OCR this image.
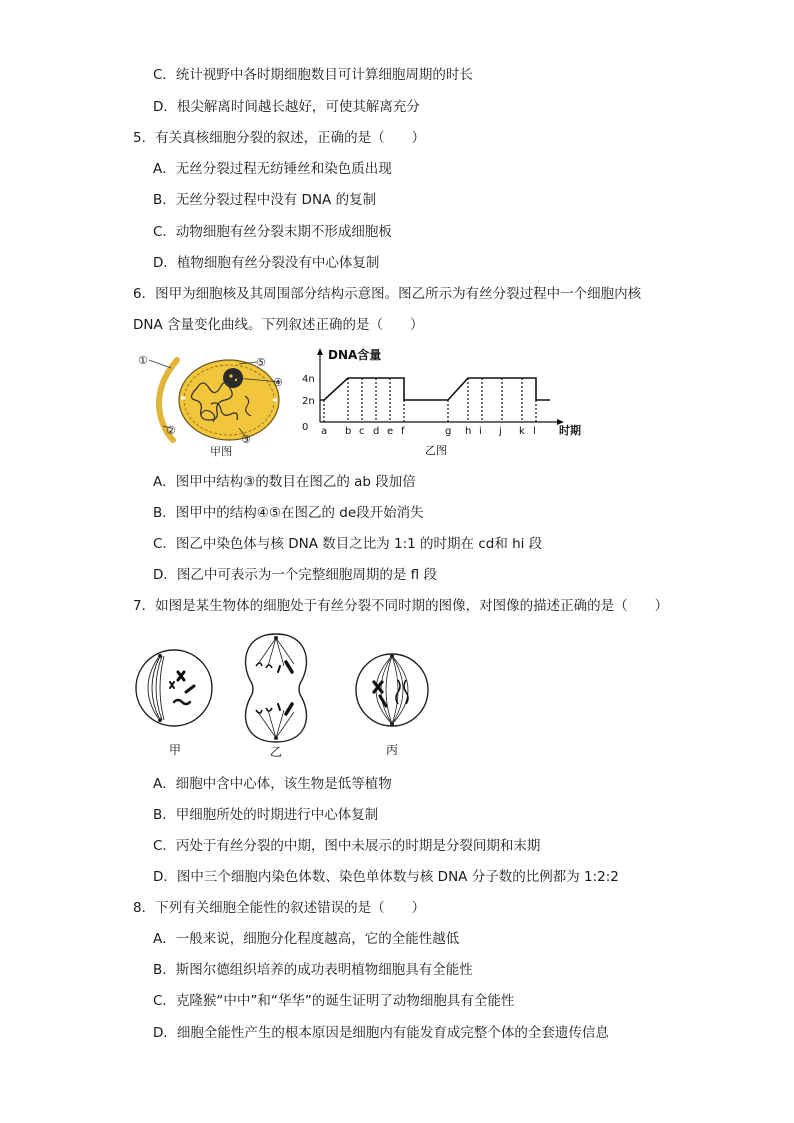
C．统计视野中各时期细胞数目可计算细胞周期的时长
D．根尖解离时间越长越好，可使其解离充分
5．有关真核细胞分裂的叙述，正确的是（　　）
A．无丝分裂过程无纺锤丝和染色质出现
B．无丝分裂过程中没有 DNA 的复制
C．动物细胞有丝分裂末期不形成细胞板
D．植物细胞有丝分裂没有中心体复制
6．图甲为细胞核及其周围部分结构示意图。图乙所示为有丝分裂过程中一个细胞内核
DNA 含量变化曲线。下列叙述正确的是（　　）
①
②
③
④
⑤
甲图
DNA含量
时期
乙图
0
2n
4n
a b c d e f	g h i j k l
A．图甲中结构③的数目在图乙的 ab 段加倍
B．图甲中的结构④⑤在图乙的 de段开始消失
C．图乙中染色体与核 DNA 数目之比为 1:1 的时期在 cd和 hi 段
D．图乙中可表示为一个完整细胞周期的是 fl 段
7．如图是某生物体的细胞处于有丝分裂不同时期的图像，对图像的描述正确的是（　　）
甲	乙	丙
A．细胞中含中心体，该生物是低等植物
B．甲细胞所处的时期进行中心体复制
C．丙处于有丝分裂的中期，图中未展示的时期是分裂间期和末期
D．图中三个细胞内染色体数、染色单体数与核 DNA 分子数的比例都为 1:2:2
8．下列有关细胞全能性的叙述错误的是（　　）
A．一般来说，细胞分化程度越高，它的全能性越低
B．斯图尔德组织培养的成功表明植物细胞具有全能性
C．克隆猴“中中”和“华华”的诞生证明了动物细胞具有全能性
D．细胞全能性产生的根本原因是细胞内有能发育成完整个体的全套遗传信息
